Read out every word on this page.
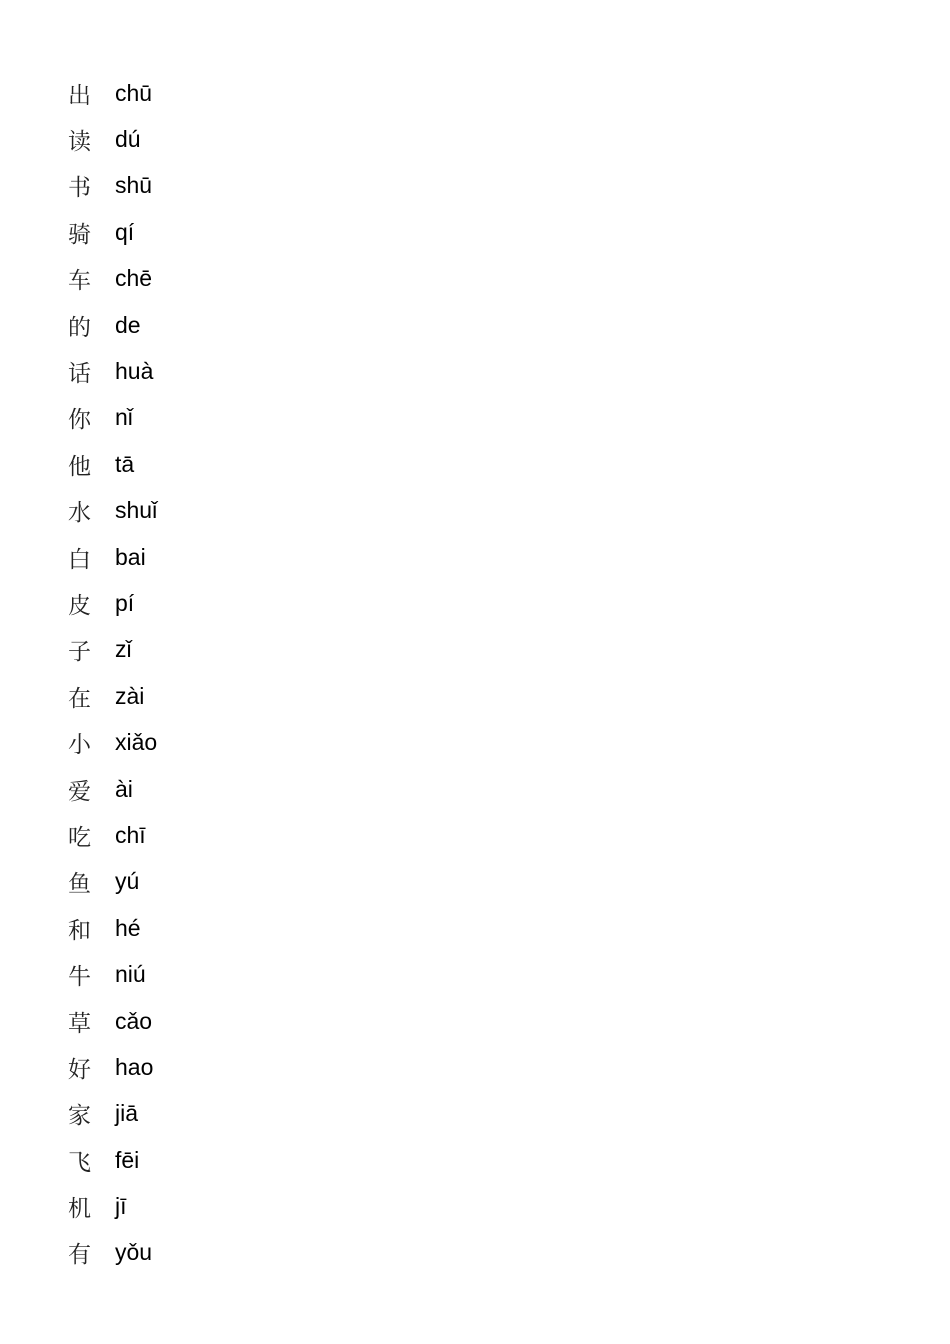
出	chū
读	dú
书	shū
骑	qí
车	chē
的	de
话	huà
你	nǐ
他	tā
水	shuǐ
白	bai
皮	pí
子	zǐ
在	zài
小	xiǎo
爱	ài
吃	chī
鱼	yú
和	hé
牛	niú
草	cǎo
好	hao
家	jiā
飞	fēi
机	jī
有	yǒu
